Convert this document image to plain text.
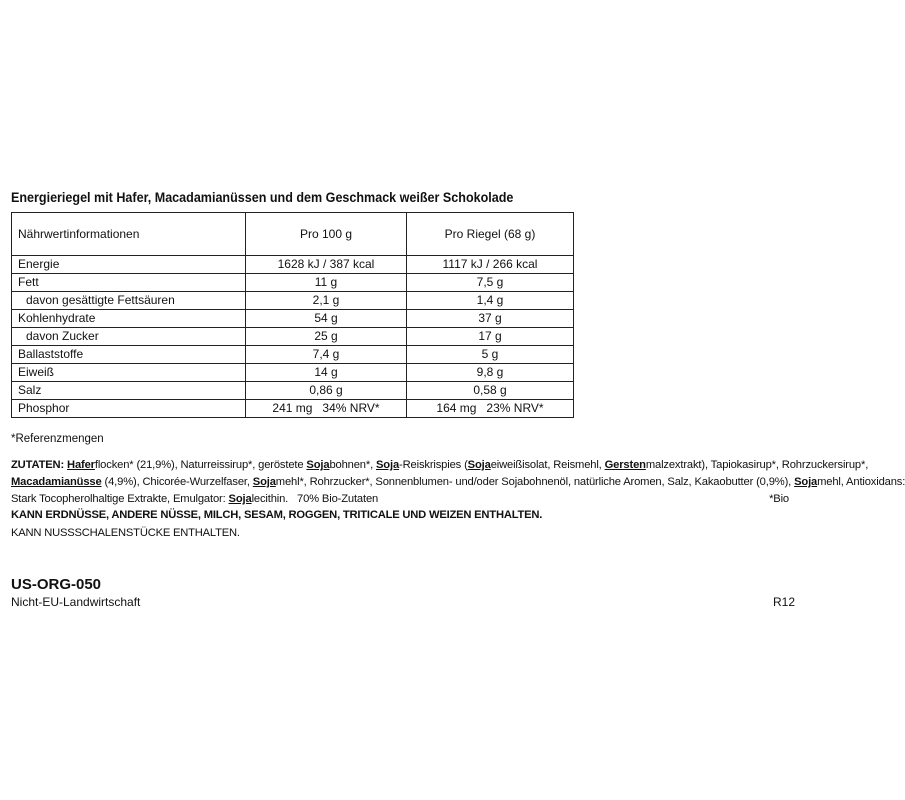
Energieriegel mit Hafer, Macadamianüssen und dem Geschmack weißer Schokolade
Nährwertinformationen	Pro 100 g	Pro Riegel (68 g)
Energie	1628 kJ / 387 kcal	1117 kJ / 266 kcal
Fett	11 g	7,5 g
davon gesättigte Fettsäuren	2,1 g	1,4 g
Kohlenhydrate	54 g	37 g
davon Zucker	25 g	17 g
Ballaststoffe	7,4 g	5 g
Eiweiß	14 g	9,8 g
Salz	0,86 g	0,58 g
Phosphor	241 mg   34% NRV*	164 mg   23% NRV*
*Referenzmengen
ZUTATEN: Haferflocken* (21,9%), Naturreissirup*, geröstete Sojabohnen*, Soja-Reiskrispies (Sojaeiweißisolat, Reismehl, Gerstenmalzextrakt), Tapiokasirup*, Rohrzuckersirup*,
Macadamianüsse (4,9%), Chicorée-Wurzelfaser, Sojamehl*, Rohrzucker*, Sonnenblumen- und/oder Sojabohnenöl, natürliche Aromen, Salz, Kakaobutter (0,9%), Sojamehl, Antioxidans:
Stark Tocopherolhaltige Extrakte, Emulgator: Sojalecithin.   70% Bio-Zutaten	*Bio
KANN ERDNÜSSE, ANDERE NÜSSE, MILCH, SESAM, ROGGEN, TRITICALE UND WEIZEN ENTHALTEN.
KANN NUSSSCHALENSTÜCKE ENTHALTEN.
US-ORG-050
Nicht-EU-Landwirtschaft	R12
